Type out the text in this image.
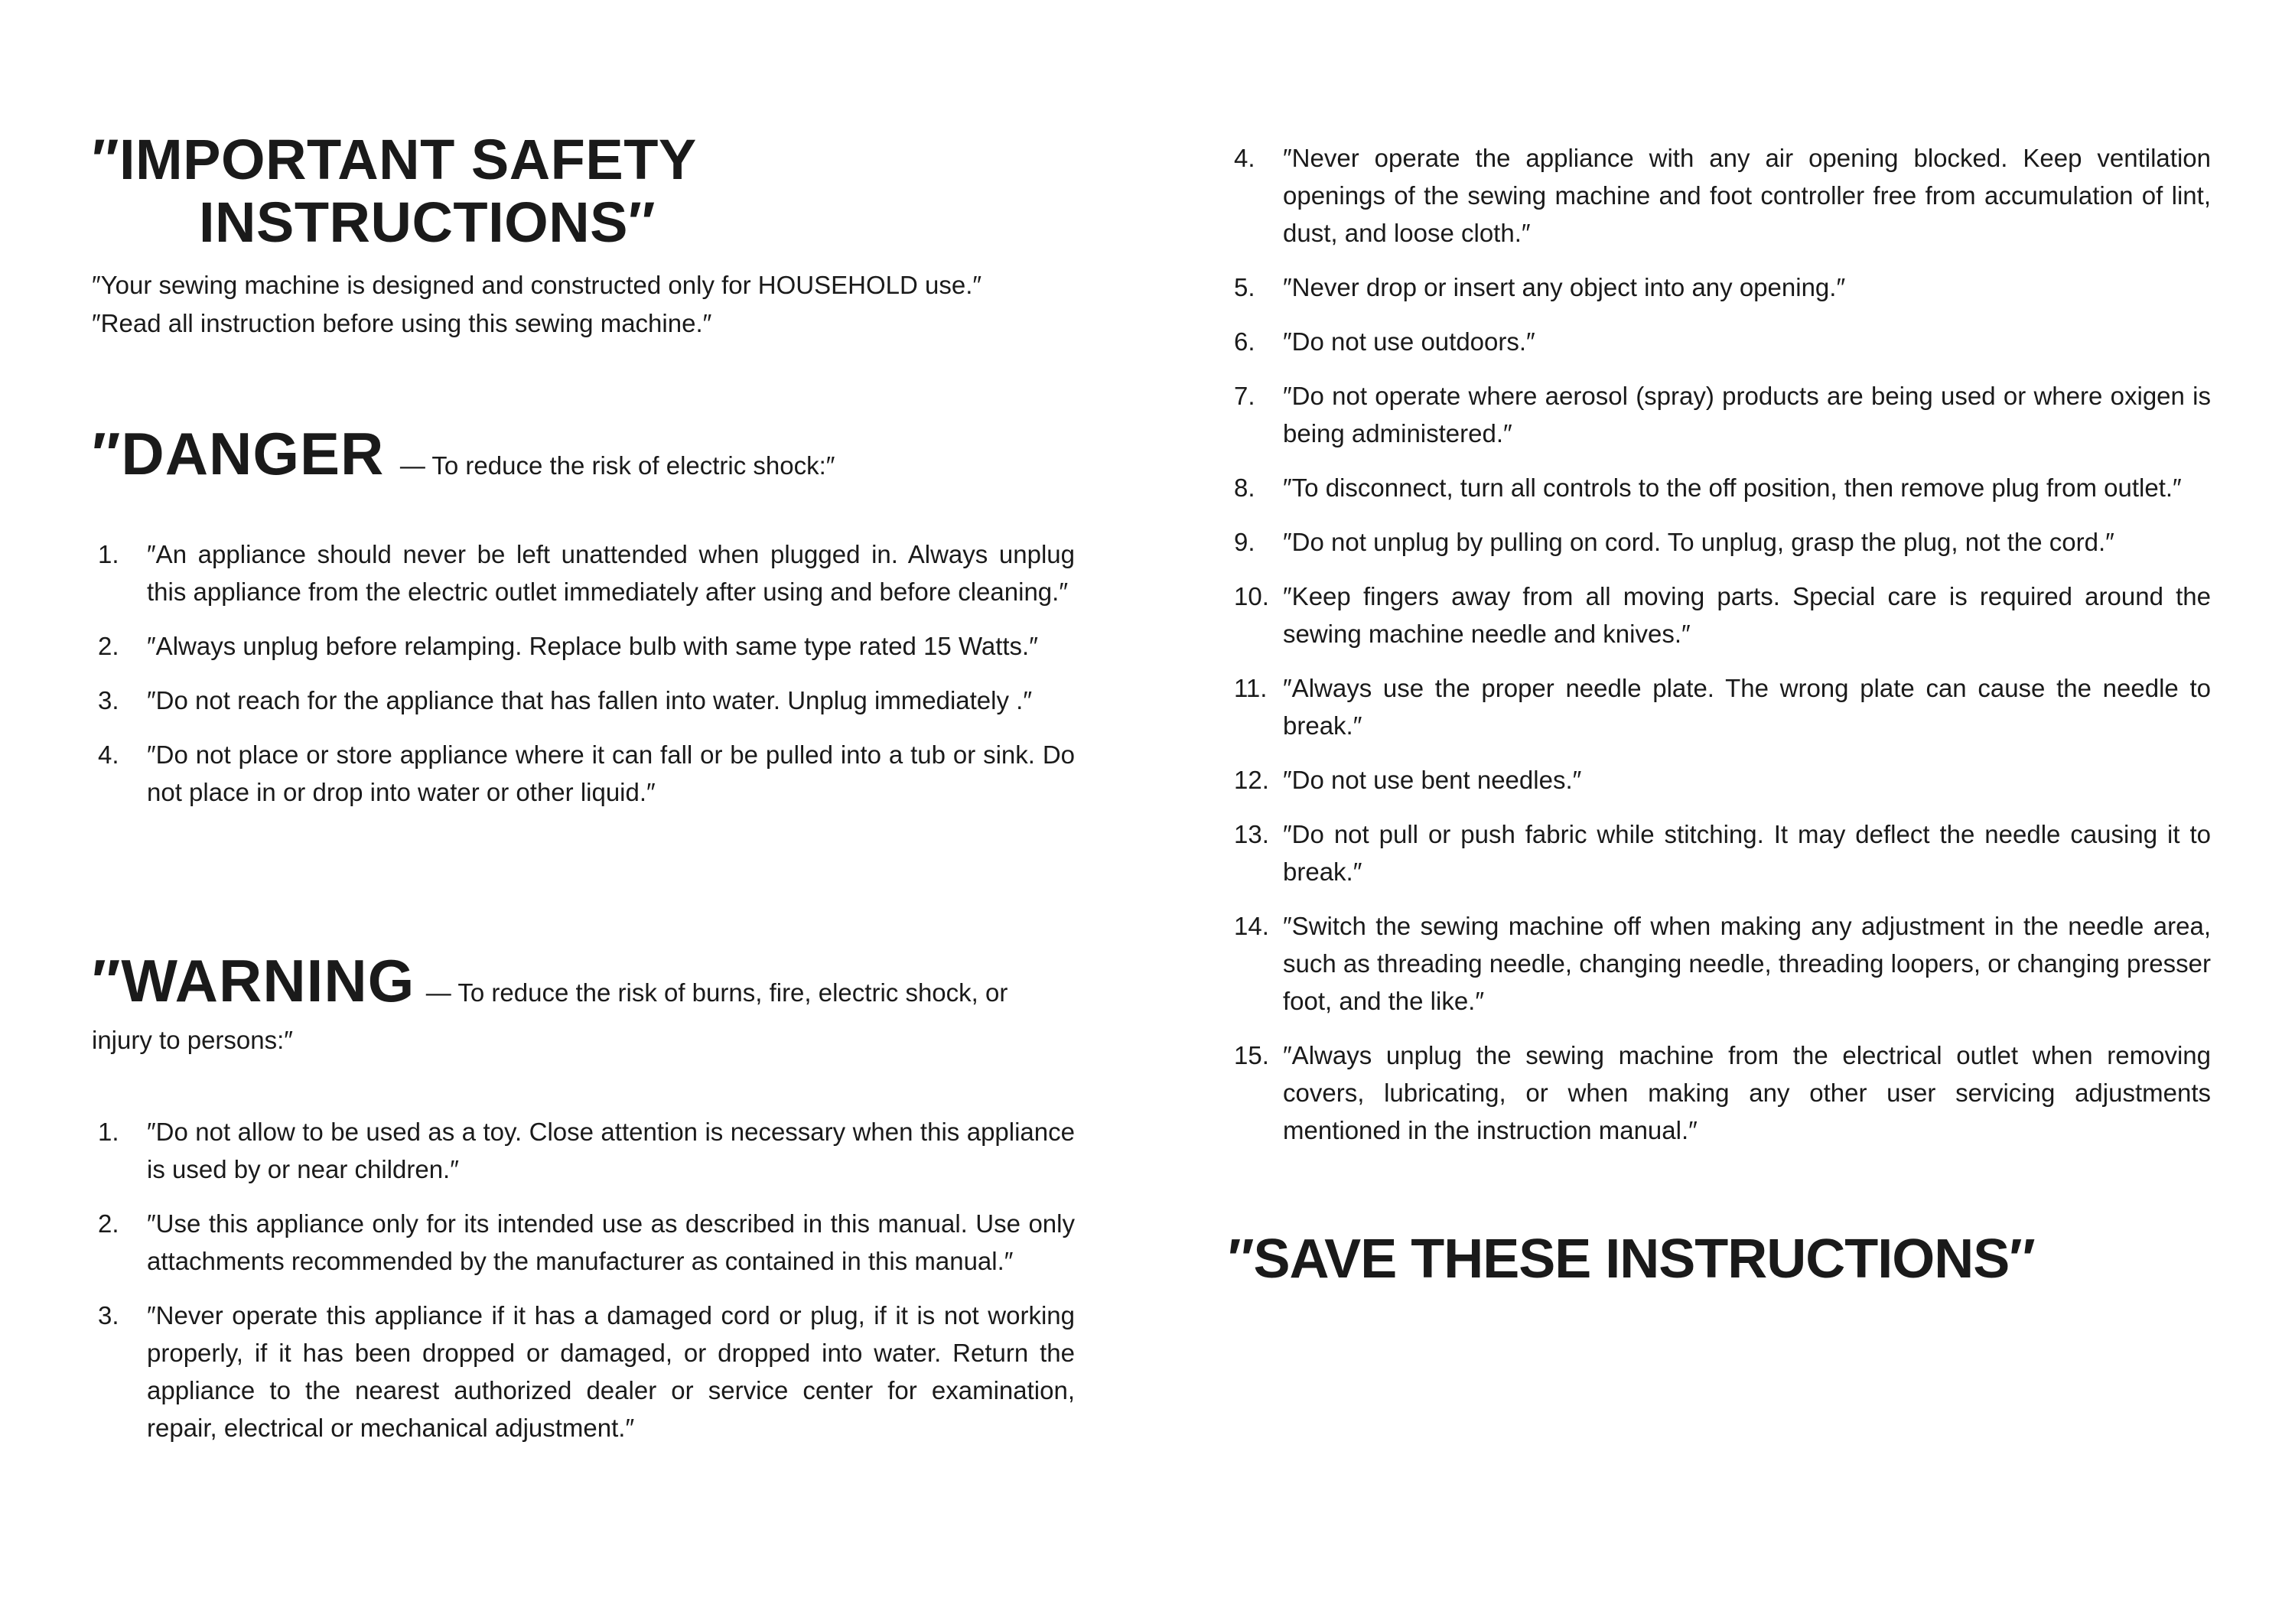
″IMPORTANT SAFETY
INSTRUCTIONS″
″Your sewing machine is designed and constructed only for HOUSEHOLD use.″
″Read all instruction before using this sewing machine.″
″DANGER — To reduce the risk of electric shock:″
1. ″An appliance should never be left unattended when plugged in. Always unplug this appliance from the electric outlet immediately after using and before cleaning.″
2. ″Always unplug before relamping. Replace bulb with same type rated 15 Watts.″
3. ″Do not reach for the appliance that has fallen into water. Unplug immediately .″
4. ″Do not place or store appliance where it can fall or be pulled into a tub or sink. Do not place in or drop into water or other liquid.″
″WARNING — To reduce the risk of burns, fire, electric shock, or injury to persons:″
1. ″Do not allow to be used as a toy. Close attention is necessary when this appliance is used by or near children.″
2. ″Use this appliance only for its intended use as described in this manual. Use only attachments recommended by the manufacturer as contained in this manual.″
3. ″Never operate this appliance if it has a damaged cord or plug, if it is not working properly, if it has been dropped or damaged, or dropped into water. Return the appliance to the nearest authorized dealer or service center for examination, repair, electrical or mechanical adjustment.″
4. ″Never operate the appliance with any air opening blocked. Keep ventilation openings of the sewing machine and foot controller free from accumulation of lint, dust, and loose cloth.″
5. ″Never drop or insert any object into any opening.″
6. ″Do not use outdoors.″
7. ″Do not operate where aerosol (spray) products are being used or where oxigen is being administered.″
8. ″To disconnect, turn all controls to the off position, then remove plug from outlet.″
9. ″Do not unplug by pulling on cord. To unplug, grasp the plug, not the cord.″
10. ″Keep fingers away from all moving parts. Special care is required around the sewing machine needle and knives.″
11. ″Always use the proper needle plate. The wrong plate can cause the needle to break.″
12. ″Do not use bent needles.″
13. ″Do not pull or push fabric while stitching. It may deflect the needle causing it to break.″
14. ″Switch the sewing machine off when making any adjustment in the needle area, such as threading needle, changing needle, threading loopers, or changing presser foot, and the like.″
15. ″Always unplug the sewing machine from the electrical outlet when removing covers, lubricating, or when making any other user servicing adjustments mentioned in the instruction manual.″
″SAVE THESE INSTRUCTIONS″
